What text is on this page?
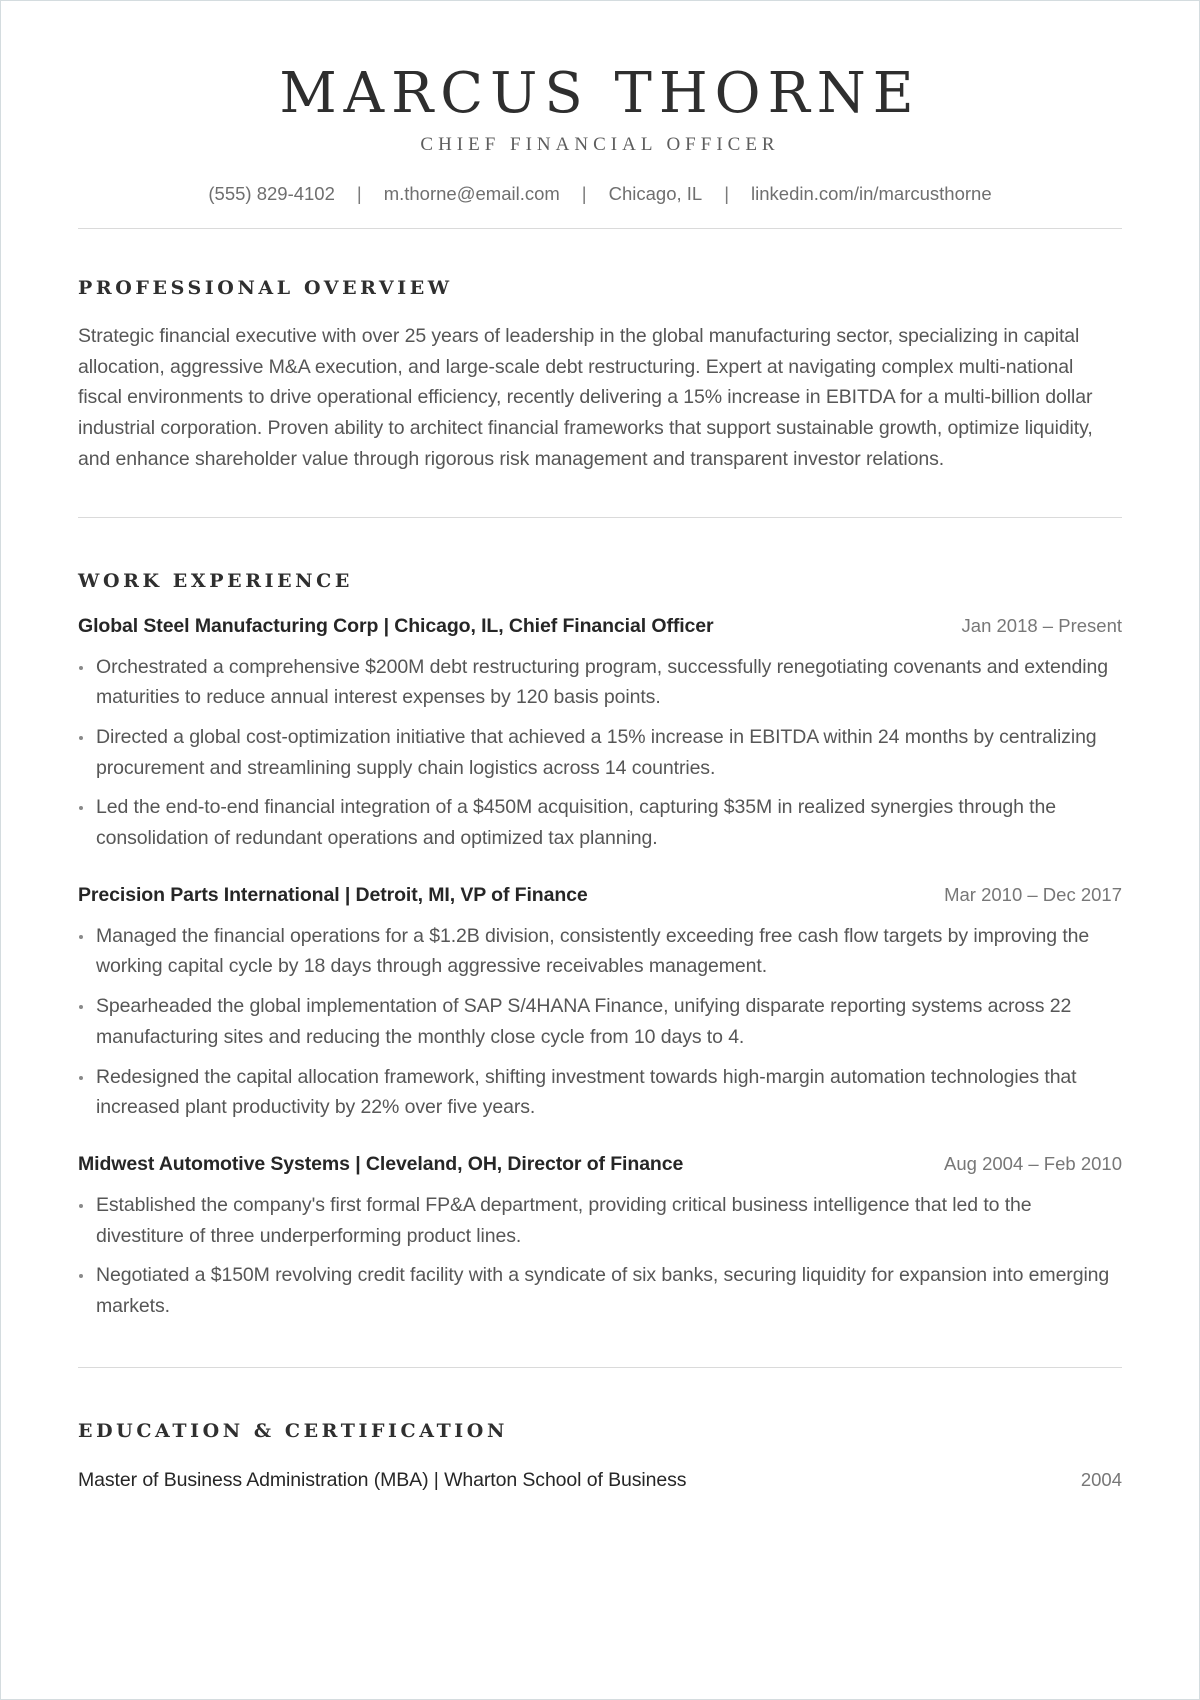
MARCUS THORNE
CHIEF FINANCIAL OFFICER
(555) 829-4102 | m.thorne@email.com | Chicago, IL | linkedin.com/in/marcusthorne
PROFESSIONAL OVERVIEW

Strategic financial executive with over 25 years of leadership in the global manufacturing sector, specializing in capital allocation, aggressive M&A execution, and large-scale debt restructuring. Expert at navigating complex multi-national fiscal environments to drive operational efficiency, recently delivering a 15% increase in EBITDA for a multi-billion dollar industrial corporation. Proven ability to architect financial frameworks that support sustainable growth, optimize liquidity, and enhance shareholder value through rigorous risk management and transparent investor relations.

WORK EXPERIENCE
Global Steel Manufacturing Corp | Chicago, IL, Chief Financial Officer	Jan 2018 – Present
Orchestrated a comprehensive $200M debt restructuring program, successfully renegotiating covenants and extending maturities to reduce annual interest expenses by 120 basis points.
Directed a global cost-optimization initiative that achieved a 15% increase in EBITDA within 24 months by centralizing procurement and streamlining supply chain logistics across 14 countries.
Led the end-to-end financial integration of a $450M acquisition, capturing $35M in realized synergies through the consolidation of redundant operations and optimized tax planning.
Precision Parts International | Detroit, MI, VP of Finance	Mar 2010 – Dec 2017
Managed the financial operations for a $1.2B division, consistently exceeding free cash flow targets by improving the working capital cycle by 18 days through aggressive receivables management.
Spearheaded the global implementation of SAP S/4HANA Finance, unifying disparate reporting systems across 22 manufacturing sites and reducing the monthly close cycle from 10 days to 4.
Redesigned the capital allocation framework, shifting investment towards high-margin automation technologies that increased plant productivity by 22% over five years.
Midwest Automotive Systems | Cleveland, OH, Director of Finance	Aug 2004 – Feb 2010
Established the company's first formal FP&A department, providing critical business intelligence that led to the divestiture of three underperforming product lines.
Negotiated a $150M revolving credit facility with a syndicate of six banks, securing liquidity for expansion into emerging markets.
EDUCATION & CERTIFICATION
Master of Business Administration (MBA) | Wharton School of Business	2004
